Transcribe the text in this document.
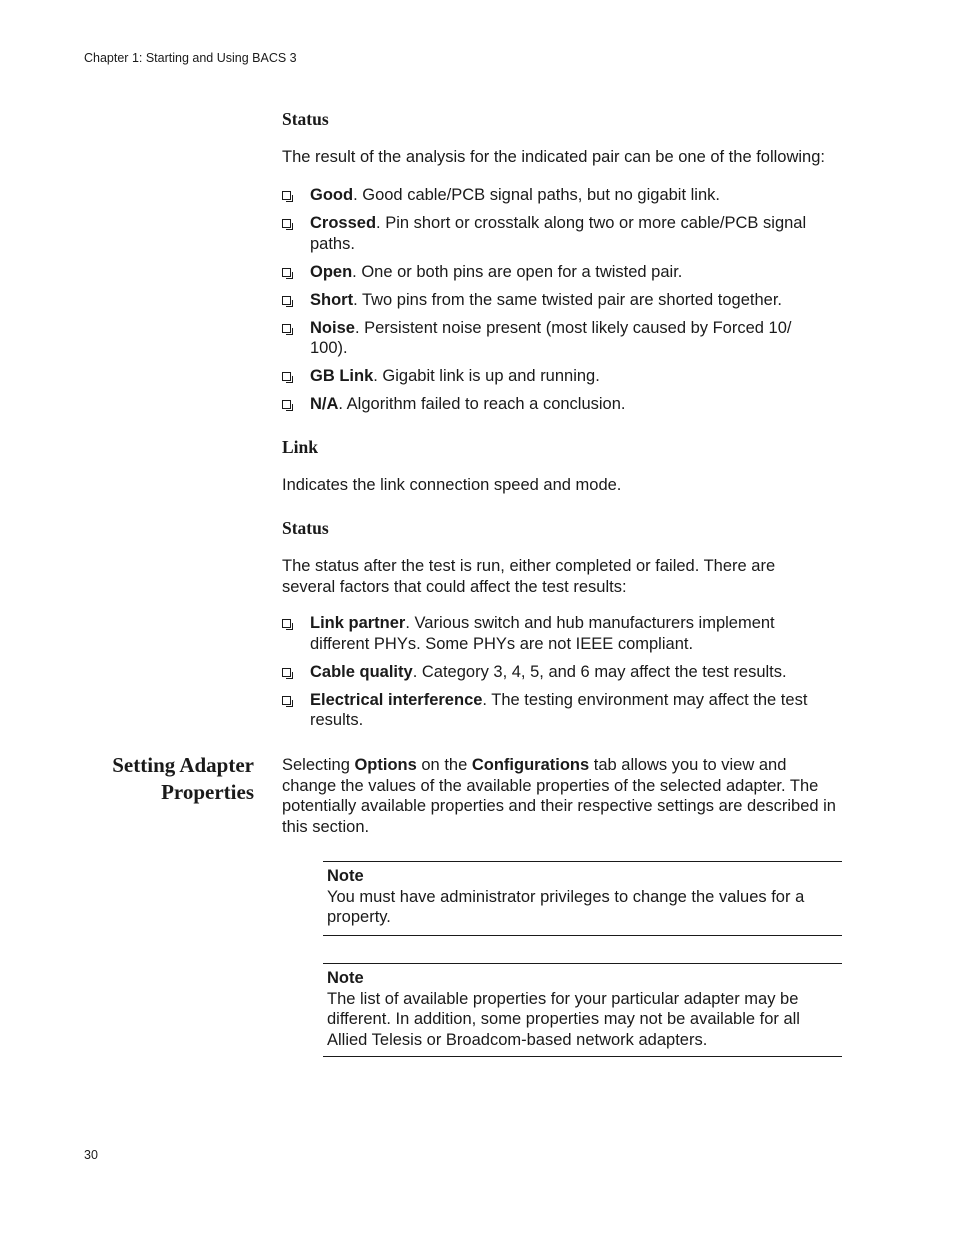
Chapter 1: Starting and Using BACS 3
Status
The result of the analysis for the indicated pair can be one of the following:
Good. Good cable/PCB signal paths, but no gigabit link.
Crossed. Pin short or crosstalk along two or more cable/PCB signal paths.
Open. One or both pins are open for a twisted pair.
Short. Two pins from the same twisted pair are shorted together.
Noise. Persistent noise present (most likely caused by Forced 10/ 100).
GB Link. Gigabit link is up and running.
N/A. Algorithm failed to reach a conclusion.
Link
Indicates the link connection speed and mode.
Status
The status after the test is run, either completed or failed. There are several factors that could affect the test results:
Link partner. Various switch and hub manufacturers implement different PHYs. Some PHYs are not IEEE compliant.
Cable quality. Category 3, 4, 5, and 6 may affect the test results.
Electrical interference. The testing environment may affect the test results.
Setting Adapter
Properties
Selecting Options on the Configurations tab allows you to view and change the values of the available properties of the selected adapter. The potentially available properties and their respective settings are described in this section.
Note
You must have administrator privileges to change the values for a property.
Note
The list of available properties for your particular adapter may be different. In addition, some properties may not be available for all Allied Telesis or Broadcom-based network adapters.
30
